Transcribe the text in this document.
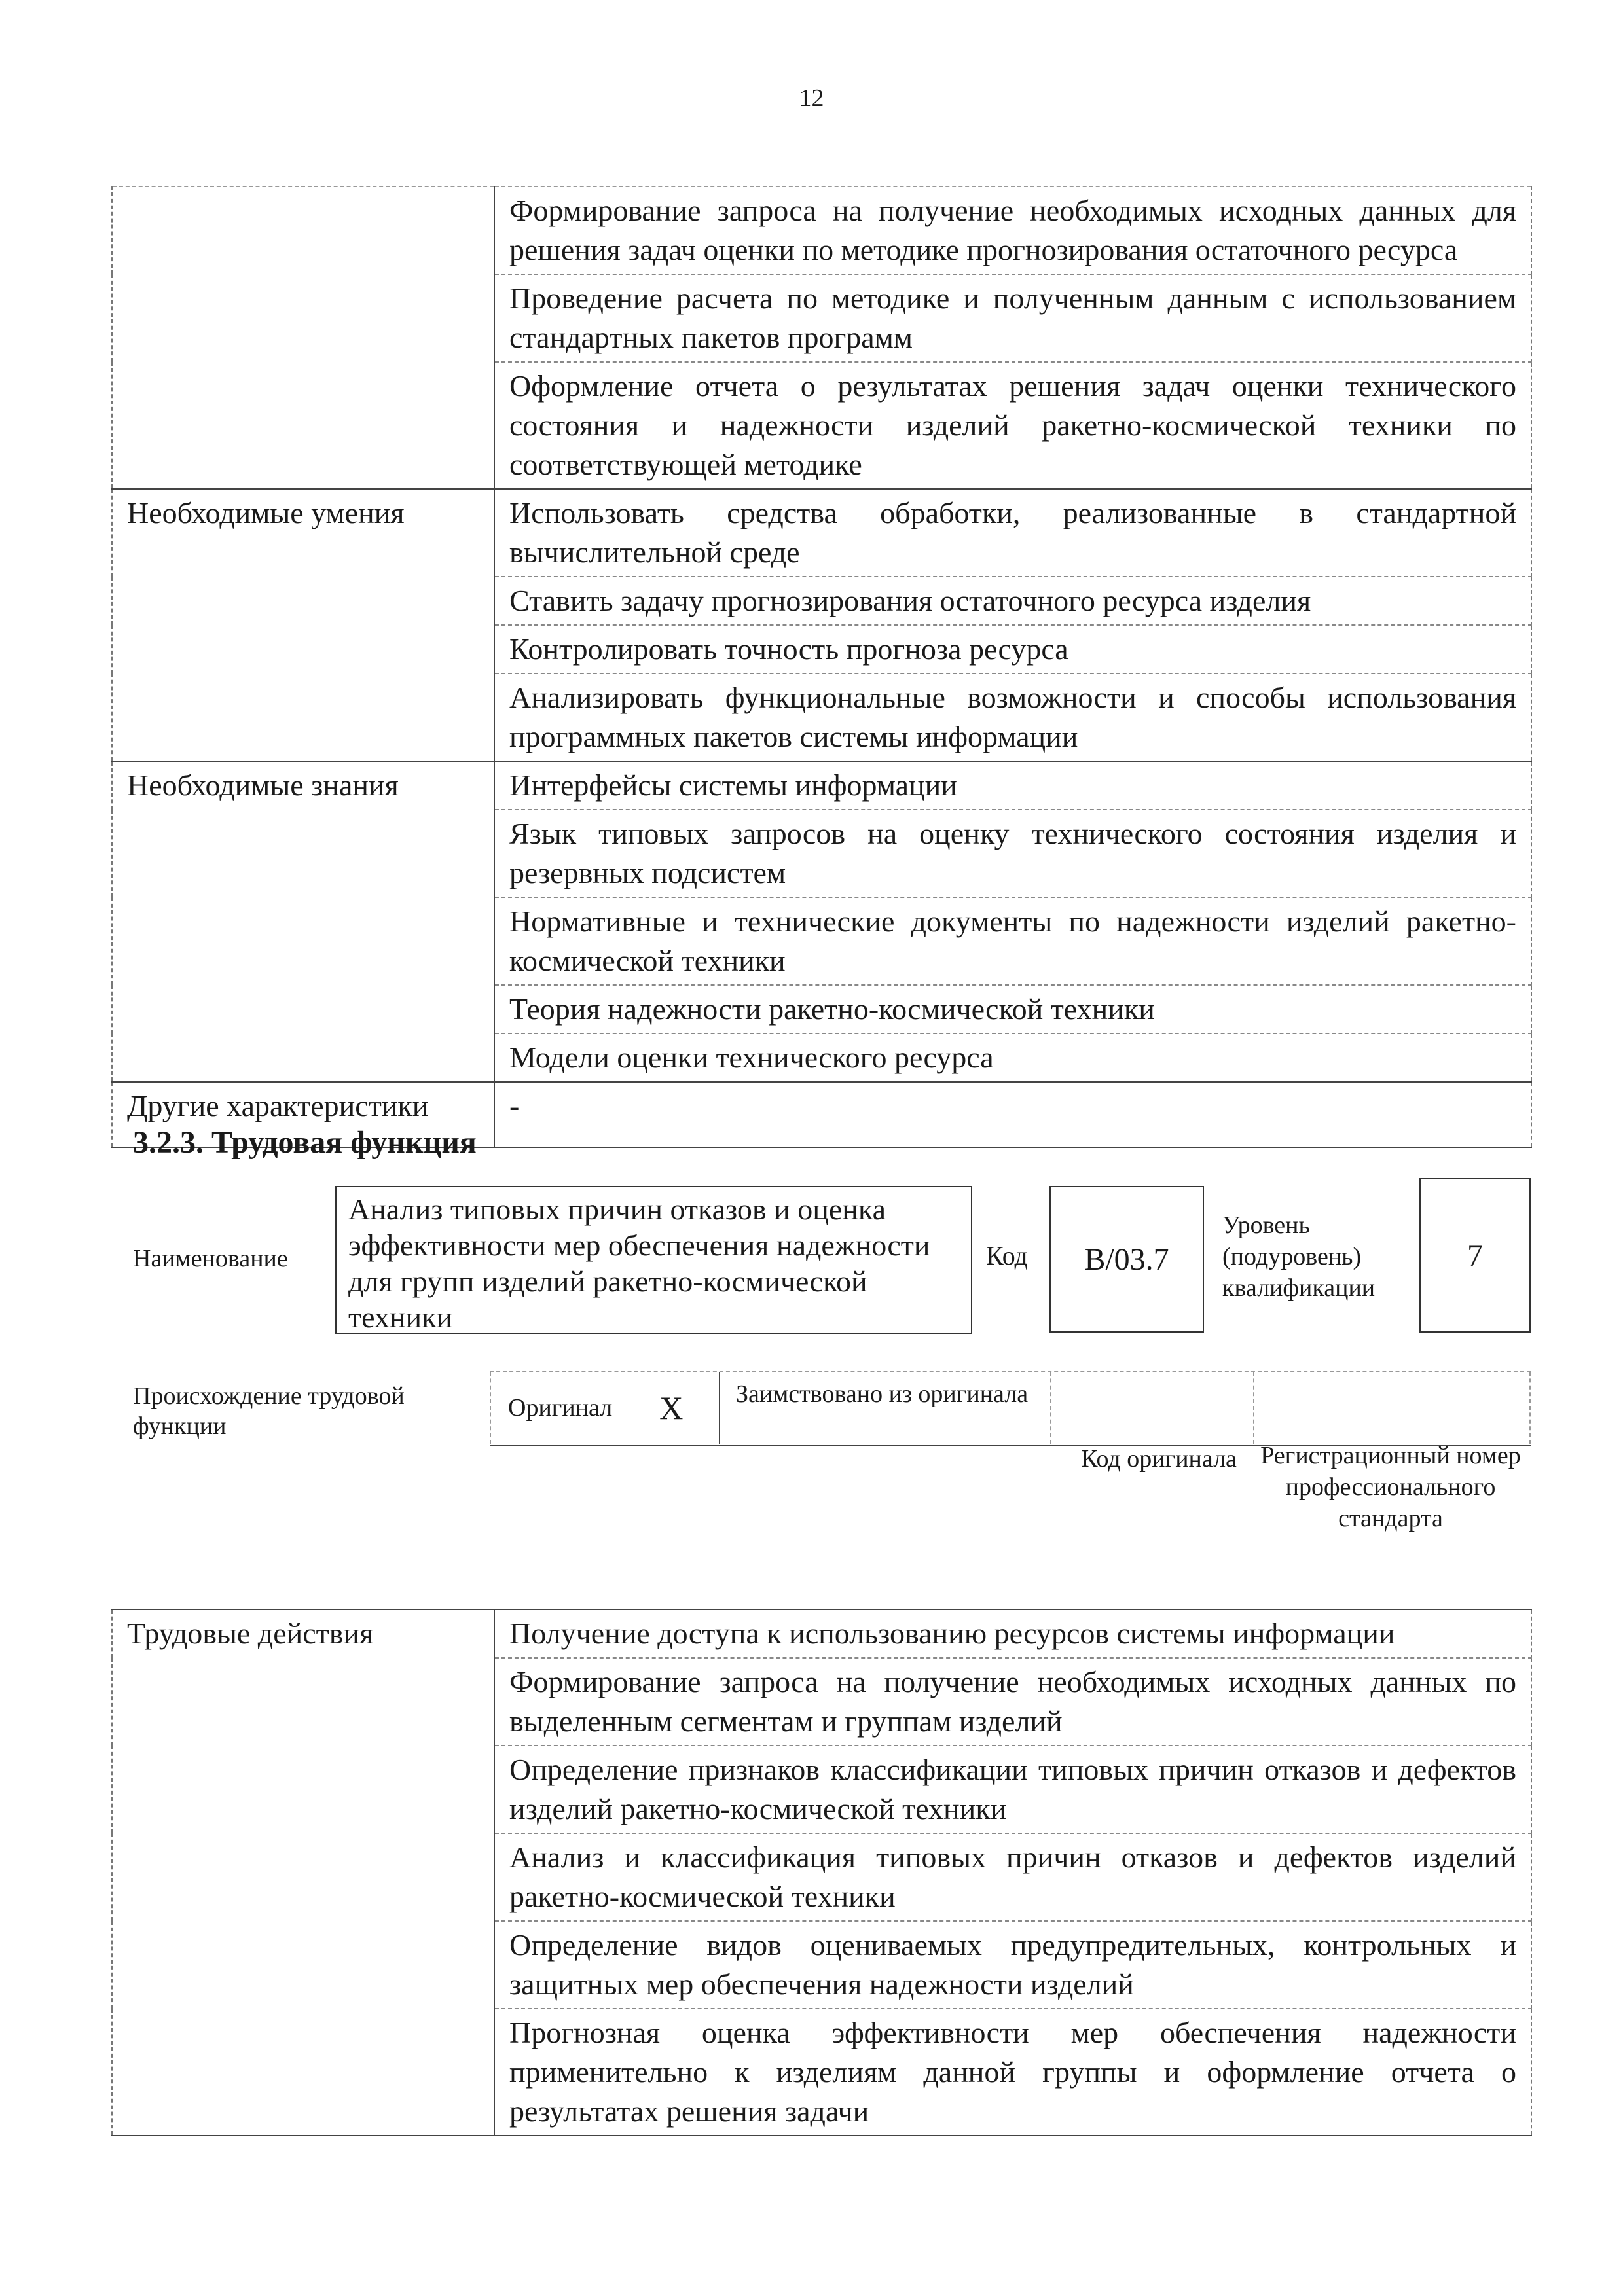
12
	Формирование запроса на получение необходимых исходных данных для решения задач оценки по методике прогнозирования остаточного ресурса
	Проведение расчета по методике и полученным данным с использованием стандартных пакетов программ
	Оформление отчета о результатах решения задач оценки технического состояния и надежности изделий ракетно-космической техники по соответствующей методике
Необходимые умения	Использовать средства обработки, реализованные в стандартной вычислительной среде
	Ставить задачу прогнозирования остаточного ресурса изделия
	Контролировать точность прогноза ресурса
	Анализировать функциональные возможности и способы использования программных пакетов системы информации
Необходимые знания	Интерфейсы системы информации
	Язык типовых запросов на оценку технического состояния изделия и резервных подсистем
	Нормативные и технические документы по надежности изделий ракетно-космической техники
	Теория надежности ракетно-космической техники
	Модели оценки технического ресурса
Другие характеристики	-
3.2.3. Трудовая функция
Наименование
Анализ типовых причин отказов и оценка эффективности мер обеспечения надежности для групп изделий ракетно-космической техники
Код B/03.7
Уровень (подуровень) квалификации
7
Происхождение трудовой функции
Оригинал X	Заимствовано из оригинала
Код оригинала Регистрационный номер профессионального стандарта
Трудовые действия	Получение доступа к использованию ресурсов системы информации
Формирование запроса на получение необходимых исходных данных по выделенным сегментам и группам изделий
Определение признаков классификации типовых причин отказов и дефектов изделий ракетно-космической техники
Анализ и классификация типовых причин отказов и дефектов изделий ракетно-космической техники
Определение видов оцениваемых предупредительных, контрольных и защитных мер обеспечения надежности изделий
Прогнозная оценка эффективности мер обеспечения надежности применительно к изделиям данной группы и оформление отчета о результатах решения задачи
